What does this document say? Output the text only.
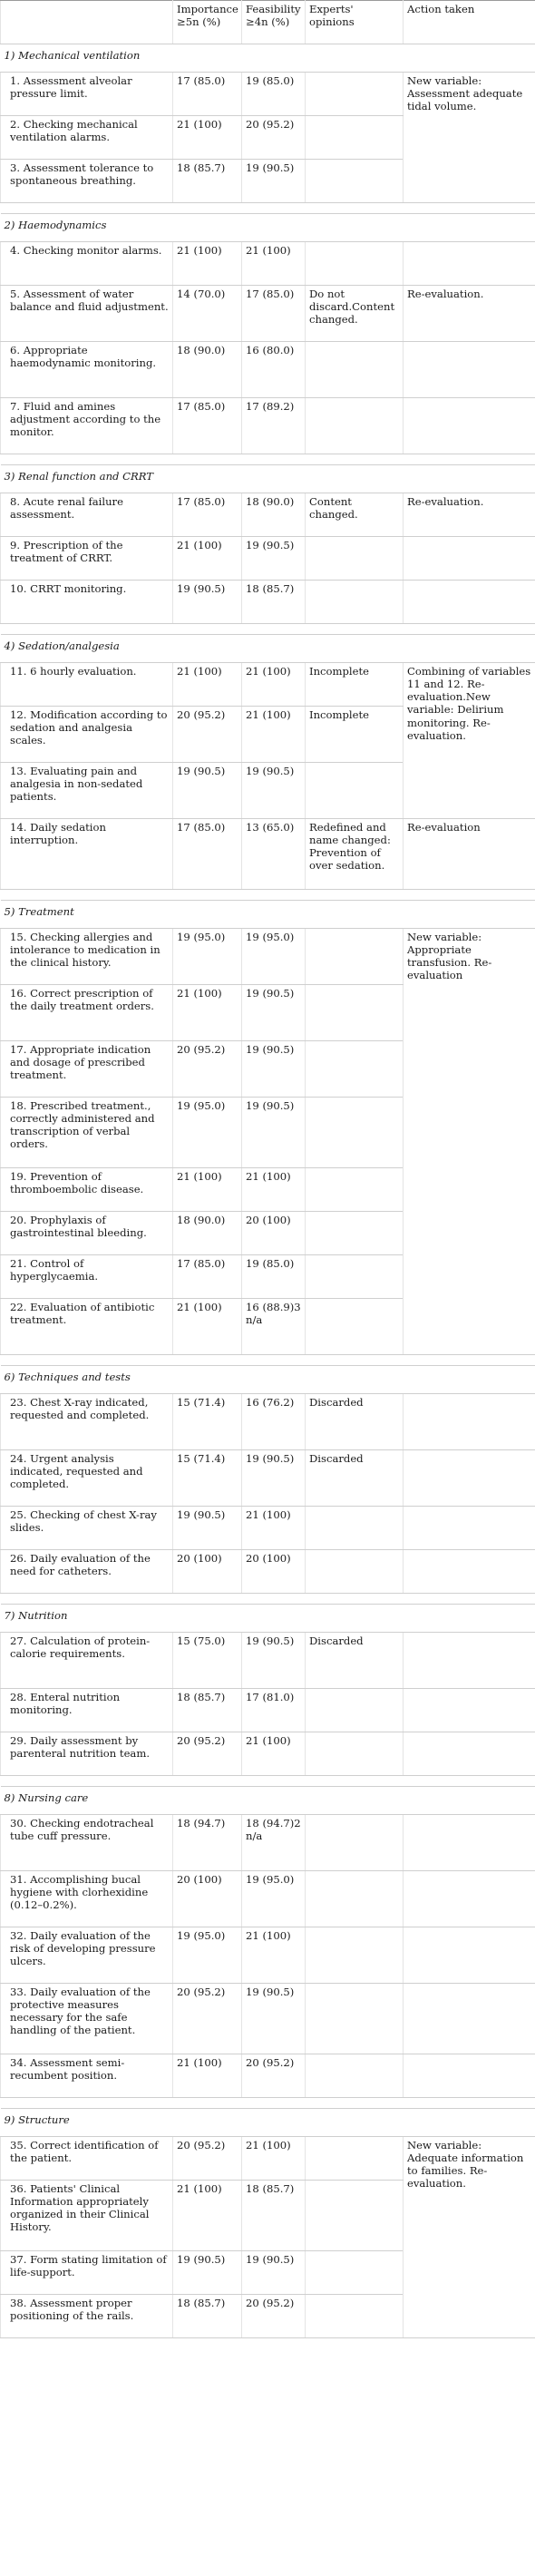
	Importance ≥5n (%)	Feasibility ≥4n (%)	Experts' opinions	Action taken
1) Mechanical ventilation				
1. Assessment alveolar pressure limit.	17 (85.0)	19 (85.0)		New variable: Assessment adequate tidal volume.
2. Checking mechanical ventilation alarms.	21 (100)	20 (95.2)		
3. Assessment tolerance to spontaneous breathing.	18 (85.7)	19 (90.5)		

2) Haemodynamics				
4. Checking monitor alarms.	21 (100)	21 (100)		
5. Assessment of water balance and fluid adjustment.	14 (70.0)	17 (85.0)	Do not discard.Content changed.	Re-evaluation.
6. Appropriate haemodynamic monitoring.	18 (90.0)	16 (80.0)		
7. Fluid and amines adjustment according to the monitor.	17 (85.0)	17 (89.2)		

3) Renal function and CRRT				
8. Acute renal failure assessment.	17 (85.0)	18 (90.0)	Content changed.	Re-evaluation.
9. Prescription of the treatment of CRRT.	21 (100)	19 (90.5)		
10. CRRT monitoring.	19 (90.5)	18 (85.7)		

4) Sedation/analgesia				
11. 6 hourly evaluation.	21 (100)	21 (100)	Incomplete	Combining of variables 11 and 12. Re-evaluation.New variable: Delirium monitoring. Re-evaluation.
12. Modification according to sedation and analgesia scales.	20 (95.2)	21 (100)	Incomplete	
13. Evaluating pain and analgesia in non-sedated patients.	19 (90.5)	19 (90.5)		
14. Daily sedation interruption.	17 (85.0)	13 (65.0)	Redefined and name changed: Prevention of over sedation.	Re-evaluation

5) Treatment				
15. Checking allergies and intolerance to medication in the clinical history.	19 (95.0)	19 (95.0)		New variable: Appropriate transfusion. Re-evaluation
16. Correct prescription of the daily treatment orders.	21 (100)	19 (90.5)		
17. Appropriate indication and dosage of prescribed treatment.	20 (95.2)	19 (90.5)		
18. Prescribed treatment., correctly administered and transcription of verbal orders.	19 (95.0)	19 (90.5)		
19. Prevention of thromboembolic disease.	21 (100)	21 (100)		
20. Prophylaxis of gastrointestinal bleeding.	18 (90.0)	20 (100)		
21. Control of hyperglycaemia.	17 (85.0)	19 (85.0)		
22. Evaluation of antibiotic treatment.	21 (100)	16 (88.9)3 n/a		

6) Techniques and tests				
23. Chest X-ray indicated, requested and completed.	15 (71.4)	16 (76.2)	Discarded	
24. Urgent analysis indicated, requested and completed.	15 (71.4)	19 (90.5)	Discarded	
25. Checking of chest X-ray slides.	19 (90.5)	21 (100)		
26. Daily evaluation of the need for catheters.	20 (100)	20 (100)		

7) Nutrition				
27. Calculation of protein-calorie requirements.	15 (75.0)	19 (90.5)	Discarded	
28. Enteral nutrition monitoring.	18 (85.7)	17 (81.0)		
29. Daily assessment by parenteral nutrition team.	20 (95.2)	21 (100)		

8) Nursing care				
30. Checking endotracheal tube cuff pressure.	18 (94.7)	18 (94.7)2 n/a		
31. Accomplishing bucal hygiene with clorhexidine (0.12–0.2%).	20 (100)	19 (95.0)		
32. Daily evaluation of the risk of developing pressure ulcers.	19 (95.0)	21 (100)		
33. Daily evaluation of the protective measures necessary for the safe handling of the patient.	20 (95.2)	19 (90.5)		
34. Assessment semi-recumbent position.	21 (100)	20 (95.2)		

9) Structure				
35. Correct identification of the patient.	20 (95.2)	21 (100)		New variable: Adequate information to families. Re-evaluation.
36. Patients' Clinical Information appropriately organized in their Clinical History.	21 (100)	18 (85.7)		
37. Form stating limitation of life-support.	19 (90.5)	19 (90.5)		
38. Assessment proper positioning of the rails.	18 (85.7)	20 (95.2)		
